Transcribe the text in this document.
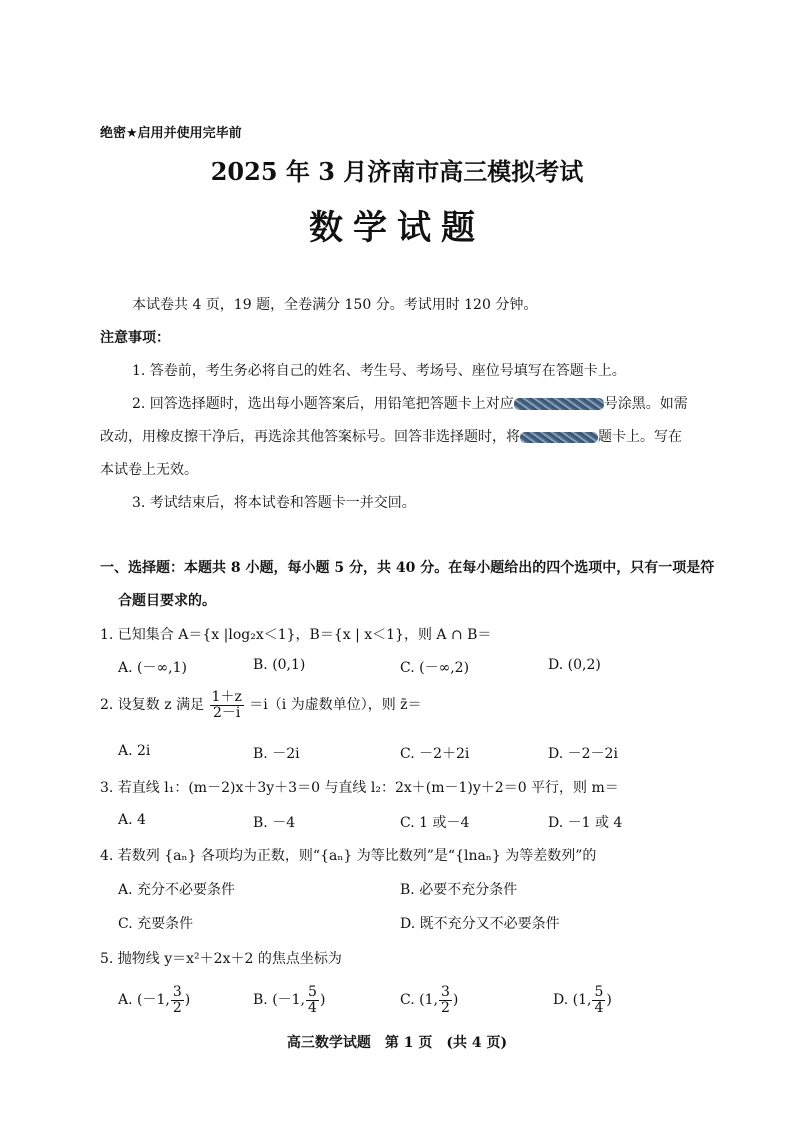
绝密★启用并使用完毕前
2025 年 3 月济南市高三模拟考试
数学试题
本试卷共 4 页，19 题，全卷满分 150 分。考试用时 120 分钟。
注意事项：
1. 答卷前，考生务必将自己的姓名、考生号、考场号、座位号填写在答题卡上。
2. 回答选择题时，选出每小题答案后，用铅笔把答题卡上对应	号涂黑。如需
改动，用橡皮擦干净后，再选涂其他答案标号。回答非选择题时，将	题卡上。写在
本试卷上无效。
3. 考试结束后，将本试卷和答题卡一并交回。
一、选择题：本题共 8 小题，每小题 5 分，共 40 分。在每小题给出的四个选项中，只有一项是符
合题目要求的。
1. 已知集合 A＝{x |log₂x＜1}，B＝{x | x＜1}，则 A ∩ B＝
A. (－∞,1)	B. (0,1)	C. (－∞,2)	D. (0,2)
2. 设复数 z 满足 $\frac{1+z}{2-i} =i(i$ 为虚数单位），则 z̄＝
A. 2i	B. －2i	C. －2＋2i	D. －2－2i
3. 若直线 l₁：(m－2)x＋3y＋3＝0 与直线 l₂：2x＋(m－1)y＋2＝0 平行，则 m＝
A. 4	B. －4	C. 1 或－4	D. －1 或 4
4. 若数列 {aₙ} 各项均为正数，则“{aₙ} 为等比数列”是“{lnaₙ} 为等差数列”的
A. 充分不必要条件	B. 必要不充分条件
C. 充要条件	D. 既不充分又不必要条件
5. 抛物线 y＝x²＋2x＋2 的焦点坐标为
A. (－1, $\frac{3}{2}$ )	B. (－1, $\frac{5}{4}$ )	C. (1, $\frac{3}{2}$ )	D. (1, $\frac{5}{4}$ )
高三数学试题　第 1 页　(共 4 页)
